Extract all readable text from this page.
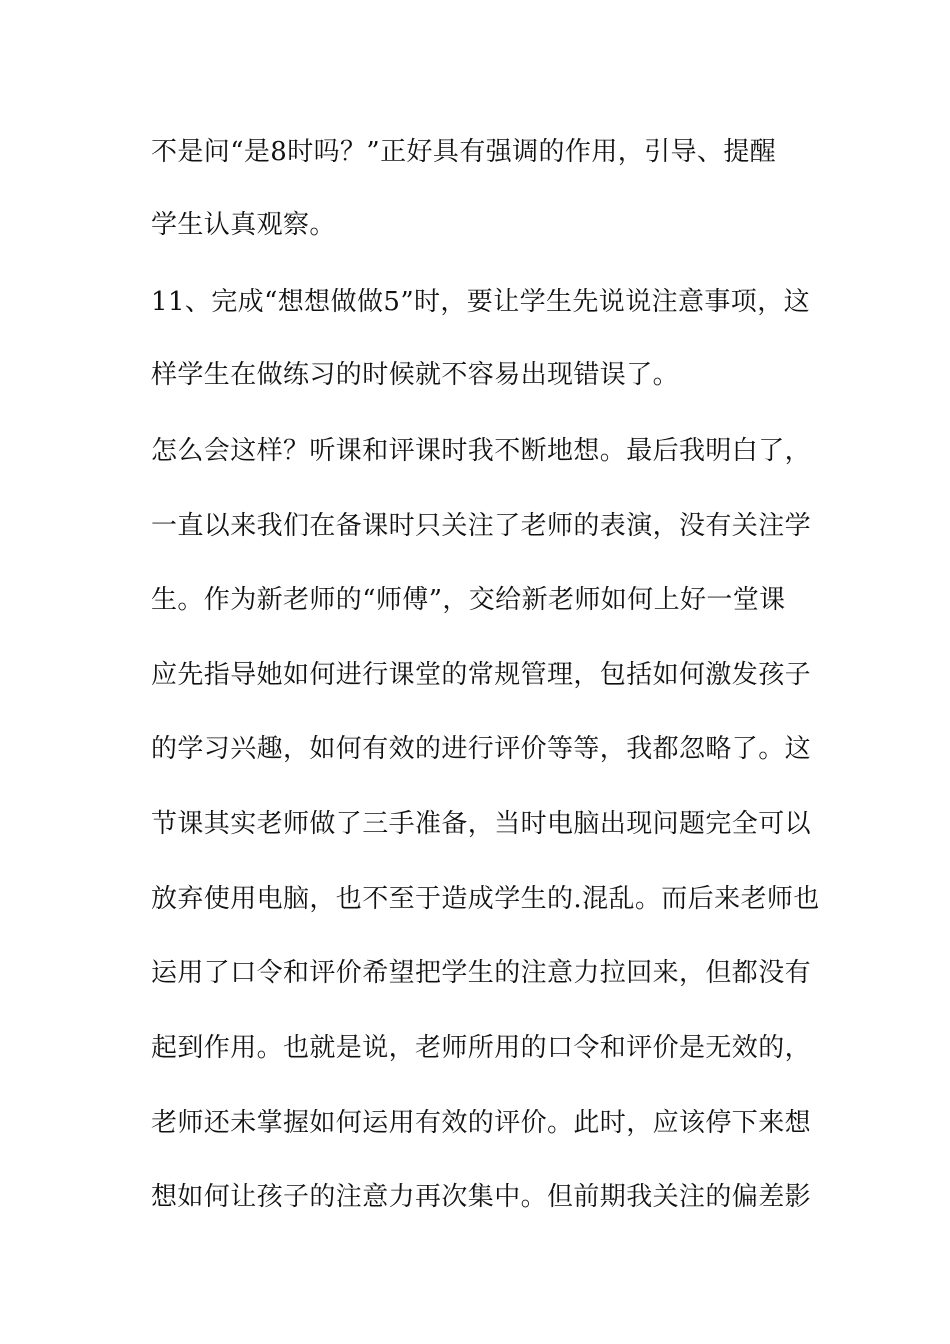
不是问“是8时吗？”正好具有强调的作用，引导、提醒
学生认真观察。
11、完成“想想做做5”时，要让学生先说说注意事项，这
样学生在做练习的时候就不容易出现错误了。
怎么会这样？听课和评课时我不断地想。最后我明白了，
一直以来我们在备课时只关注了老师的表演，没有关注学
生。作为新老师的“师傅”，交给新老师如何上好一堂课
应先指导她如何进行课堂的常规管理，包括如何激发孩子
的学习兴趣，如何有效的进行评价等等，我都忽略了。这
节课其实老师做了三手准备，当时电脑出现问题完全可以
放弃使用电脑，也不至于造成学生的.混乱。而后来老师也
运用了口令和评价希望把学生的注意力拉回来，但都没有
起到作用。也就是说，老师所用的口令和评价是无效的，
老师还未掌握如何运用有效的评价。此时，应该停下来想
想如何让孩子的注意力再次集中。但前期我关注的偏差影
